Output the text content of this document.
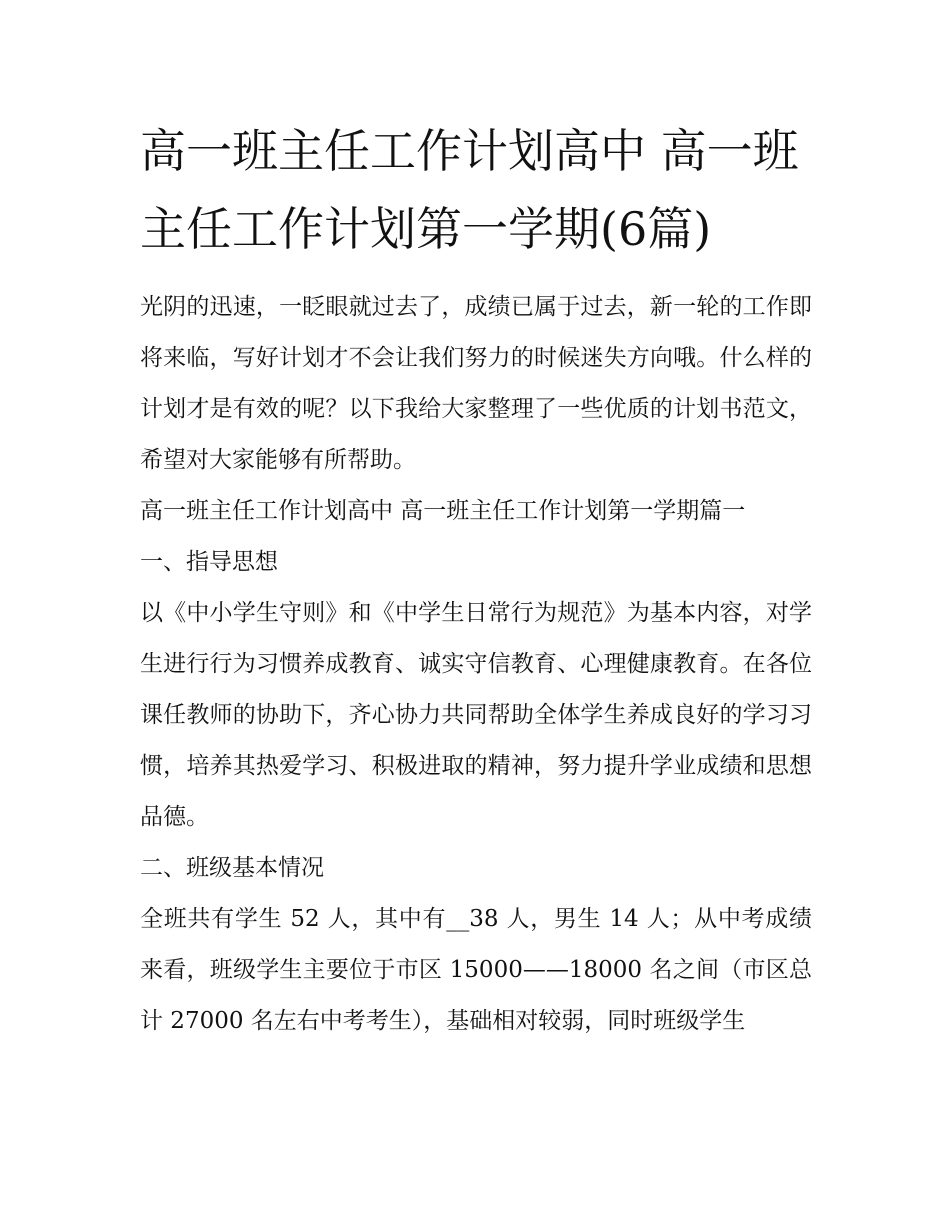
高一班主任工作计划高中 高一班主任工作计划第一学期(6篇)

光阴的迅速，一眨眼就过去了，成绩已属于过去，新一轮的工作即将来临，写好计划才不会让我们努力的时候迷失方向哦。什么样的计划才是有效的呢？以下我给大家整理了一些优质的计划书范文，希望对大家能够有所帮助。

高一班主任工作计划高中 高一班主任工作计划第一学期篇一
一、指导思想

以《中小学生守则》和《中学生日常行为规范》为基本内容，对学生进行行为习惯养成教育、诚实守信教育、心理健康教育。在各位课任教师的协助下，齐心协力共同帮助全体学生养成良好的学习习惯，培养其热爱学习、积极进取的精神，努力提升学业成绩和思想品德。

二、班级基本情况

全班共有学生 52 人，其中有__38 人，男生 14 人；从中考成绩来看，班级学生主要位于市区 15000——18000 名之间（市区总计 27000 名左右中考考生），基础相对较弱，同时班级学生
